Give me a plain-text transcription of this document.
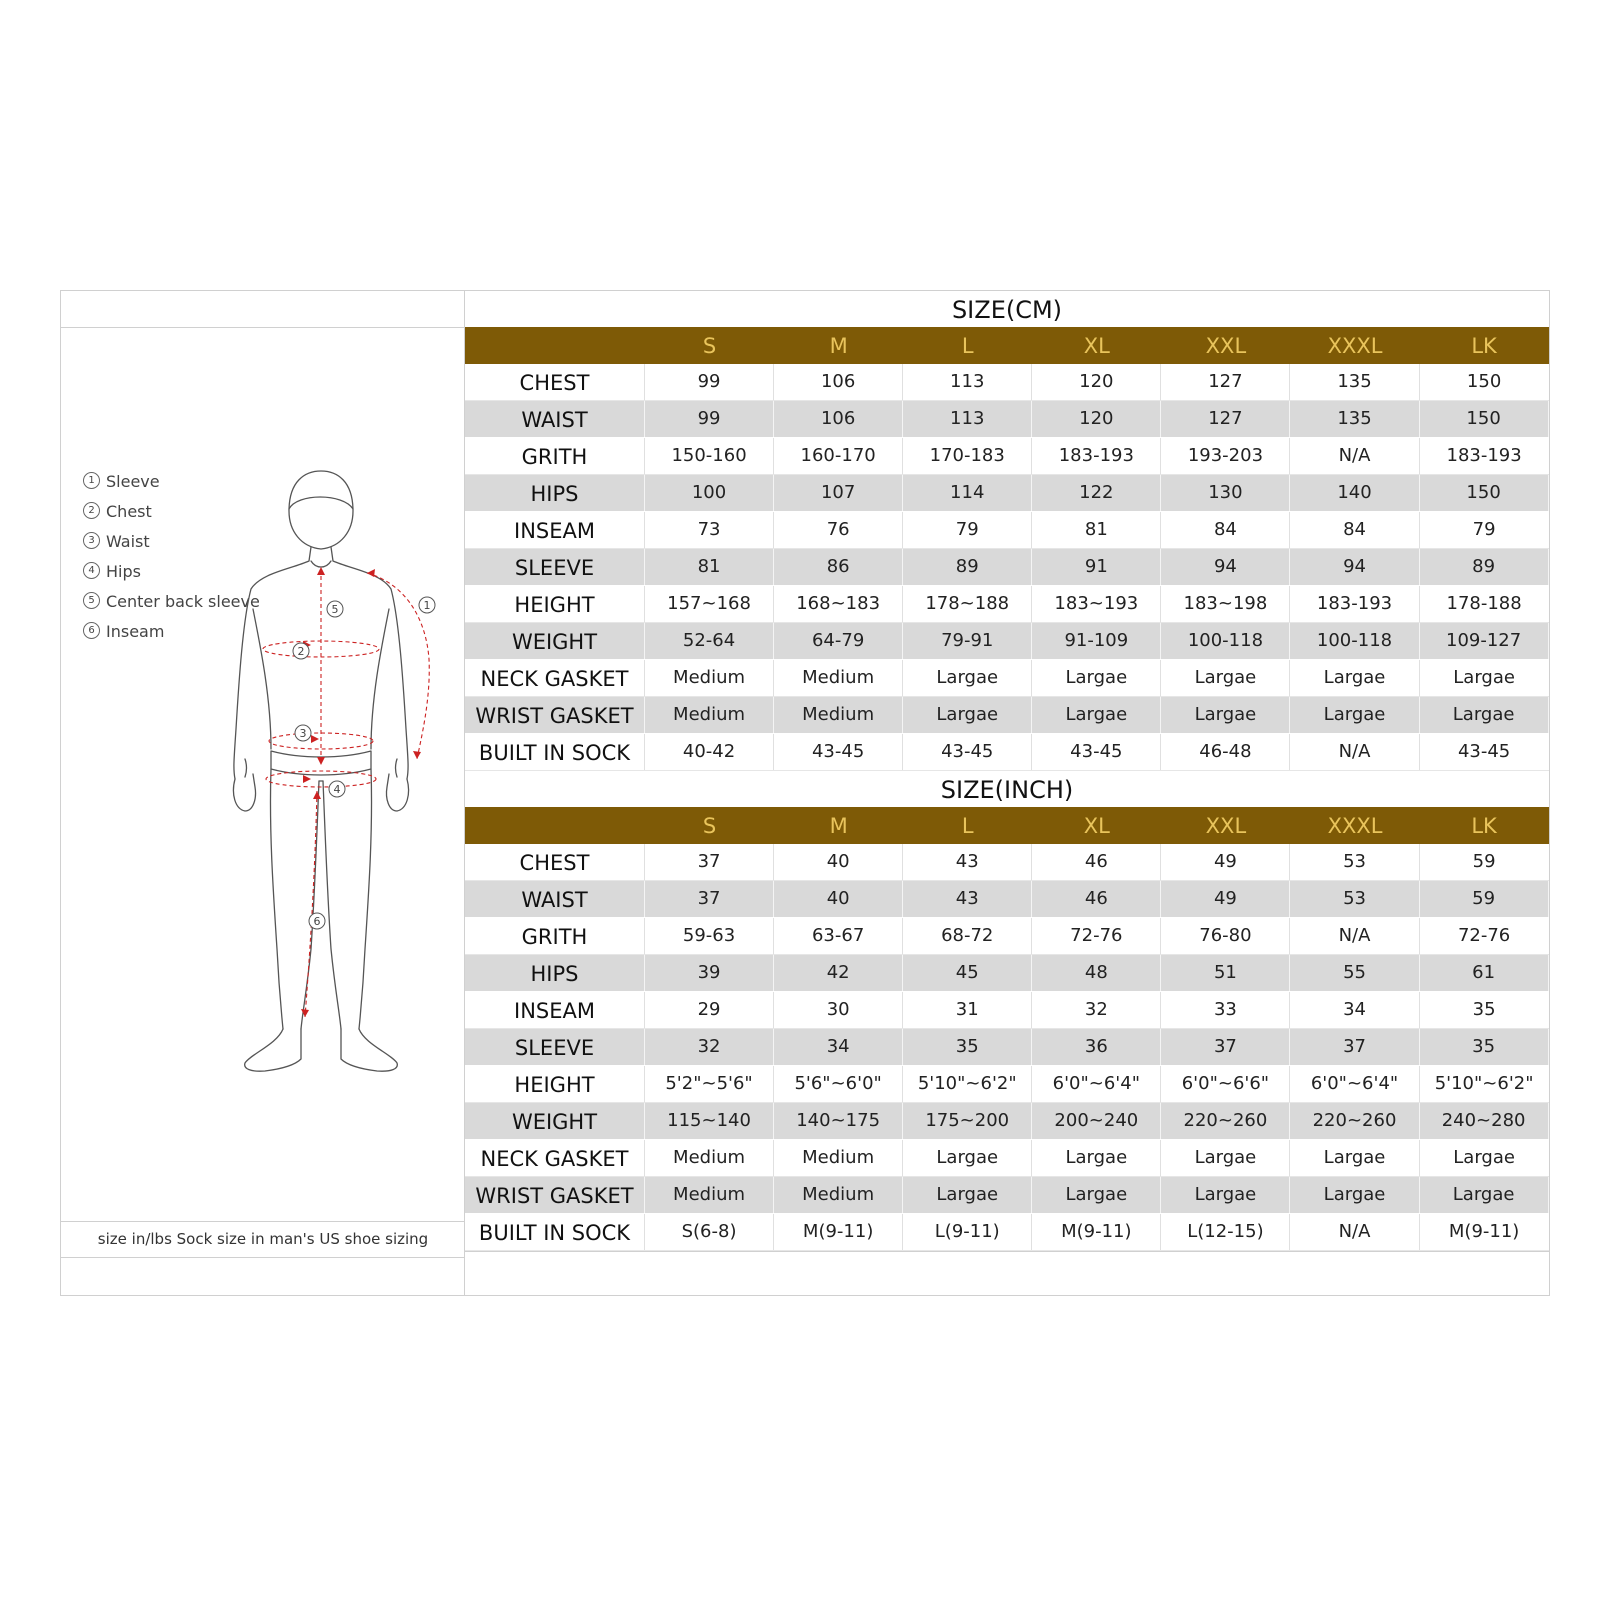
1 Sleeve
2 Chest
3 Waist
4 Hips
5 Center back sleeve
6 Inseam
1
2
3
4
5
6
size in/lbs Sock size in man's US shoe sizing
SIZE(CM)
S	M	L	XL	XXL	XXXL	LK
CHEST	99	106	113	120	127	135	150
WAIST	99	106	113	120	127	135	150
GRITH	150-160	160-170	170-183	183-193	193-203	N/A	183-193
HIPS	100	107	114	122	130	140	150
INSEAM	73	76	79	81	84	84	79
SLEEVE	81	86	89	91	94	94	89
HEIGHT	157~168	168~183	178~188	183~193	183~198	183-193	178-188
WEIGHT	52-64	64-79	79-91	91-109	100-118	100-118	109-127
NECK GASKET	Medium	Medium	Largae	Largae	Largae	Largae	Largae
WRIST GASKET	Medium	Medium	Largae	Largae	Largae	Largae	Largae
BUILT IN SOCK	40-42	43-45	43-45	43-45	46-48	N/A	43-45
SIZE(INCH)
S	M	L	XL	XXL	XXXL	LK
CHEST	37	40	43	46	49	53	59
WAIST	37	40	43	46	49	53	59
GRITH	59-63	63-67	68-72	72-76	76-80	N/A	72-76
HIPS	39	42	45	48	51	55	61
INSEAM	29	30	31	32	33	34	35
SLEEVE	32	34	35	36	37	37	35
HEIGHT	5'2"~5'6"	5'6"~6'0"	5'10"~6'2"	6'0"~6'4"	6'0"~6'6"	6'0"~6'4"	5'10"~6'2"
WEIGHT	115~140	140~175	175~200	200~240	220~260	220~260	240~280
NECK GASKET	Medium	Medium	Largae	Largae	Largae	Largae	Largae
WRIST GASKET	Medium	Medium	Largae	Largae	Largae	Largae	Largae
BUILT IN SOCK	S(6-8)	M(9-11)	L(9-11)	M(9-11)	L(12-15)	N/A	M(9-11)
